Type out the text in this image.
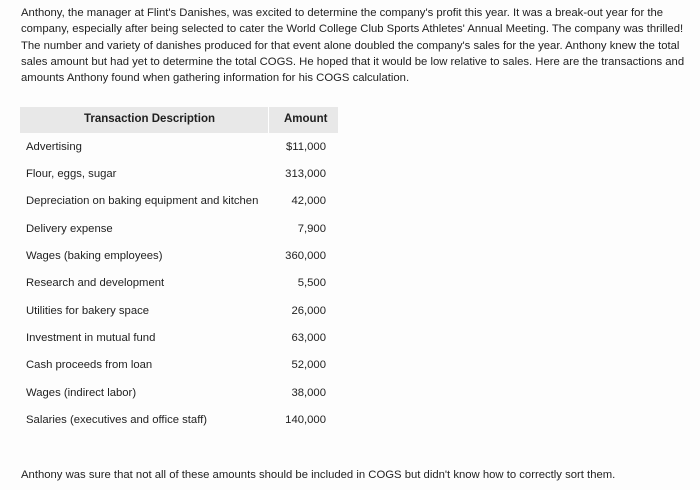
Anthony, the manager at Flint's Danishes, was excited to determine the company's profit this year. It was a break-out year for the company, especially after being selected to cater the World College Club Sports Athletes' Annual Meeting. The company was thrilled! The number and variety of danishes produced for that event alone doubled the company's sales for the year. Anthony knew the total sales amount but had yet to determine the total COGS. He hoped that it would be low relative to sales. Here are the transactions and amounts Anthony found when gathering information for his COGS calculation.

Transaction Description	Amount
Advertising	$11,000
Flour, eggs, sugar	313,000
Depreciation on baking equipment and kitchen	42,000
Delivery expense	7,900
Wages (baking employees)	360,000
Research and development	5,500
Utilities for bakery space	26,000
Investment in mutual fund	63,000
Cash proceeds from loan	52,000
Wages (indirect labor)	38,000
Salaries (executives and office staff)	140,000

Anthony was sure that not all of these amounts should be included in COGS but didn't know how to correctly sort them.
